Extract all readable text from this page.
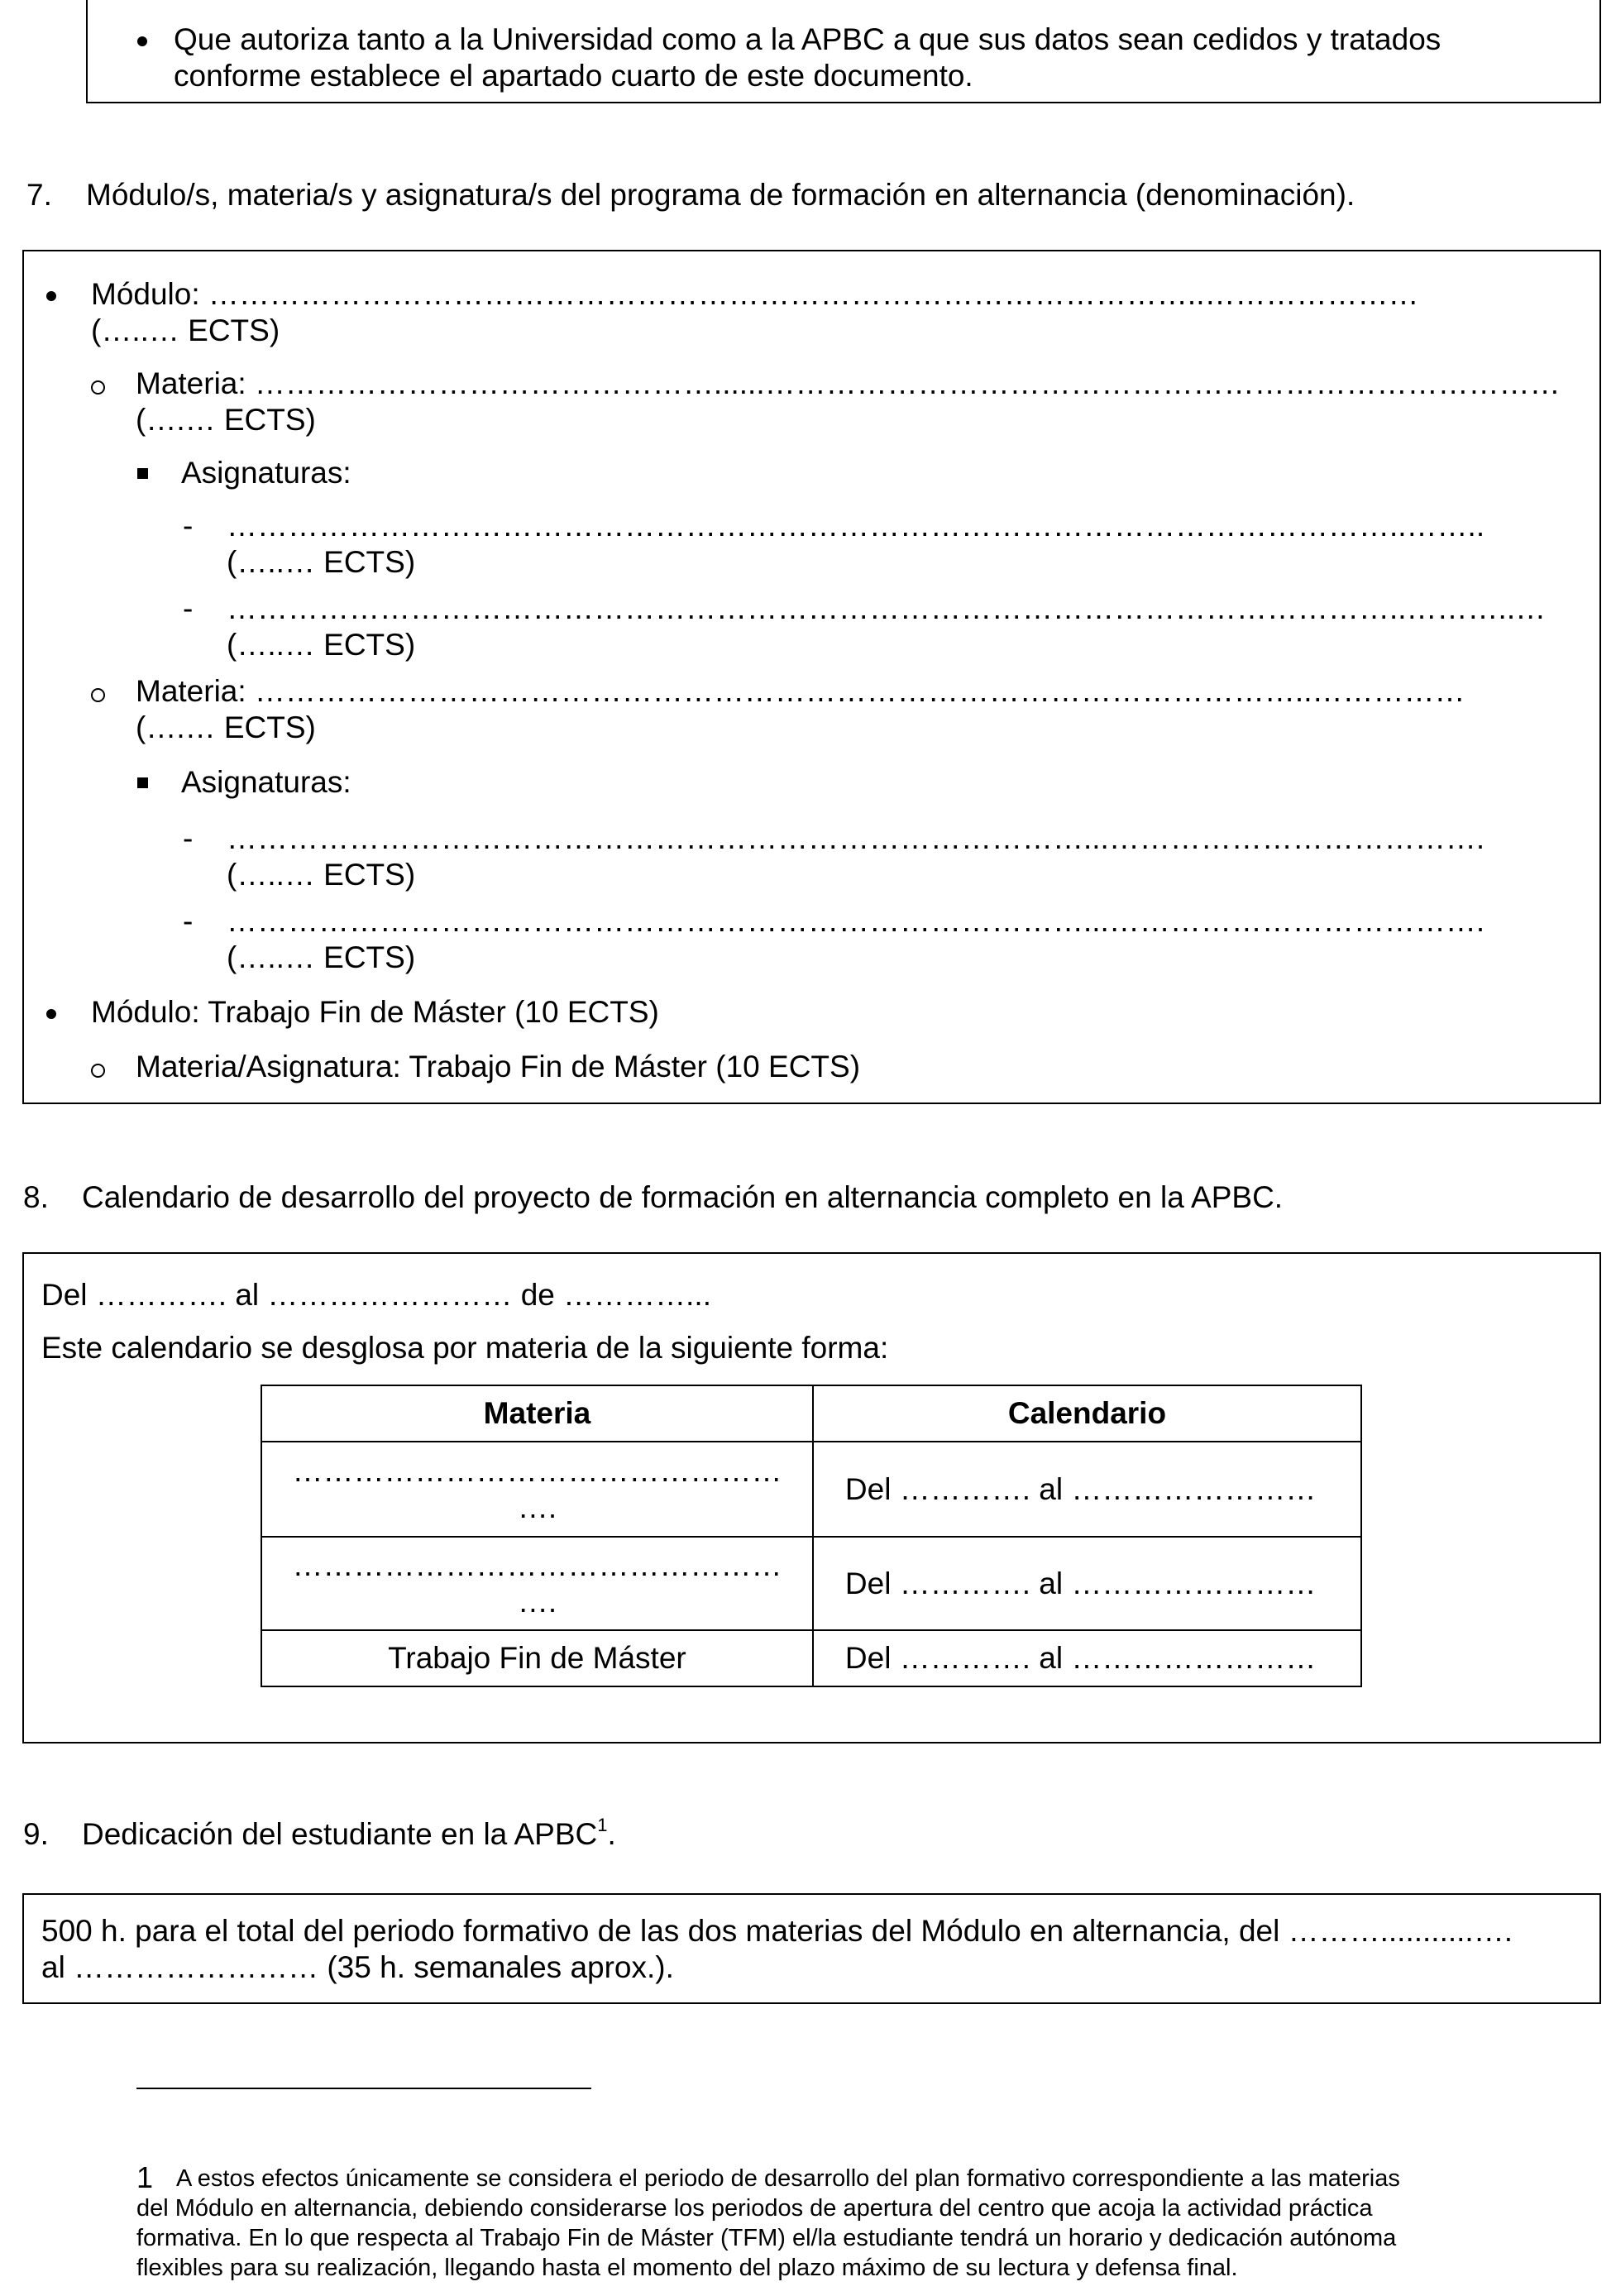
Que autoriza tanto a la Universidad como a la APBC a que sus datos sean cedidos y tratados
conforme establece el apartado cuarto de este documento.
7. Módulo/s, materia/s y asignatura/s del programa de formación en alternancia (denominación).
Módulo: ……………………………………………………………………………………..…………………
(…..… ECTS)
Materia: ………………………………………......……………………………………………………………………
(….… ECTS)
Asignaturas:
- ……………………………………………………………………………………………………..……..
(…..… ECTS)
- ……………………………………………………………………………………………………..………..…
(…..… ECTS)
Materia: …………………………………………………………………………………………..……………
(….… ECTS)
Asignaturas:
- …………………………………………………………………………...……………………………….
(…..… ECTS)
- …………………………………………………………………………...……………………………….
(…..… ECTS)
Módulo: Trabajo Fin de Máster (10 ECTS)
Materia/Asignatura: Trabajo Fin de Máster (10 ECTS)
8. Calendario de desarrollo del proyecto de formación en alternancia completo en la APBC.
Del …………. al …………………… de …………...
Este calendario se desglosa por materia de la siguiente forma:
Materia	Calendario

…………………………………………
….	Del …………. al ……………………

…………………………………………
….	Del …………. al ……………………
Trabajo Fin de Máster	Del …………. al ……………………
9. Dedicación del estudiante en la APBC$^1$.
500 h. para el total del periodo formativo de las dos materias del Módulo en alternancia, del ………...........….
al …………………… (35 h. semanales aprox.).
1 A estos efectos únicamente se considera el periodo de desarrollo del plan formativo correspondiente a las materias
del Módulo en alternancia, debiendo considerarse los periodos de apertura del centro que acoja la actividad práctica
formativa. En lo que respecta al Trabajo Fin de Máster (TFM) el/la estudiante tendrá un horario y dedicación autónoma
flexibles para su realización, llegando hasta el momento del plazo máximo de su lectura y defensa final.
